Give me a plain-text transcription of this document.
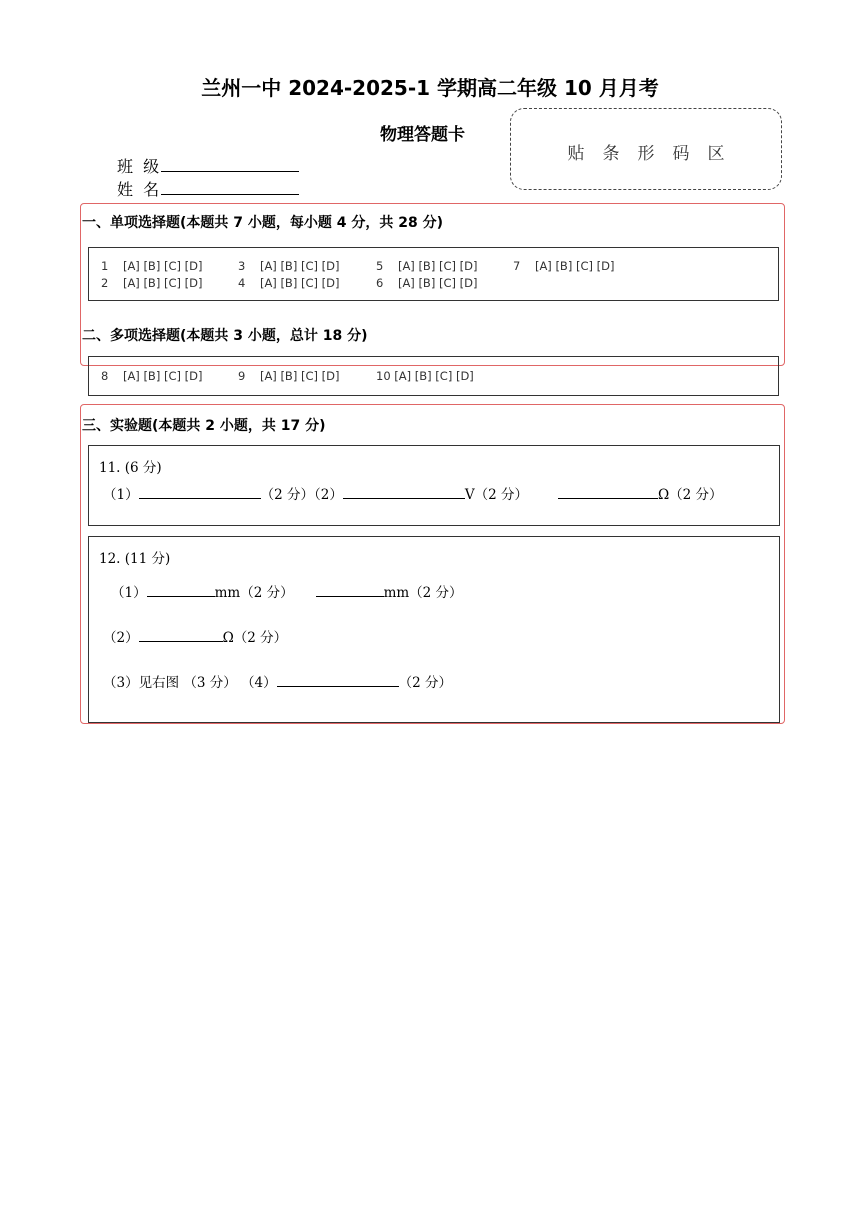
兰州一中 2024-2025-1 学期高二年级 10 月月考
物理答题卡
贴条形码区
班  级
姓  名
一、单项选择题(本题共 7 小题，每小题 4 分，共 28 分)
1 [A] [B] [C] [D]	3 [A] [B] [C] [D]	5 [A] [B] [C] [D]	7 [A] [B] [C] [D]
2 [A] [B] [C] [D]	4 [A] [B] [C] [D]	6 [A] [B] [C] [D]
二、多项选择题(本题共 3 小题，总计 18 分)
8 [A] [B] [C] [D]	9 [A] [B] [C] [D]	10 [A] [B] [C] [D]
三、实验题(本题共 2 小题，共 17 分)
11. (6 分)
（1）	（2 分）（2）	V（2 分）	Ω（2 分）
12. (11 分)
（1）	mm（2 分）	mm（2 分）
（2）	Ω（2 分）
（3）见右图 （3 分） （4）	（2 分）
